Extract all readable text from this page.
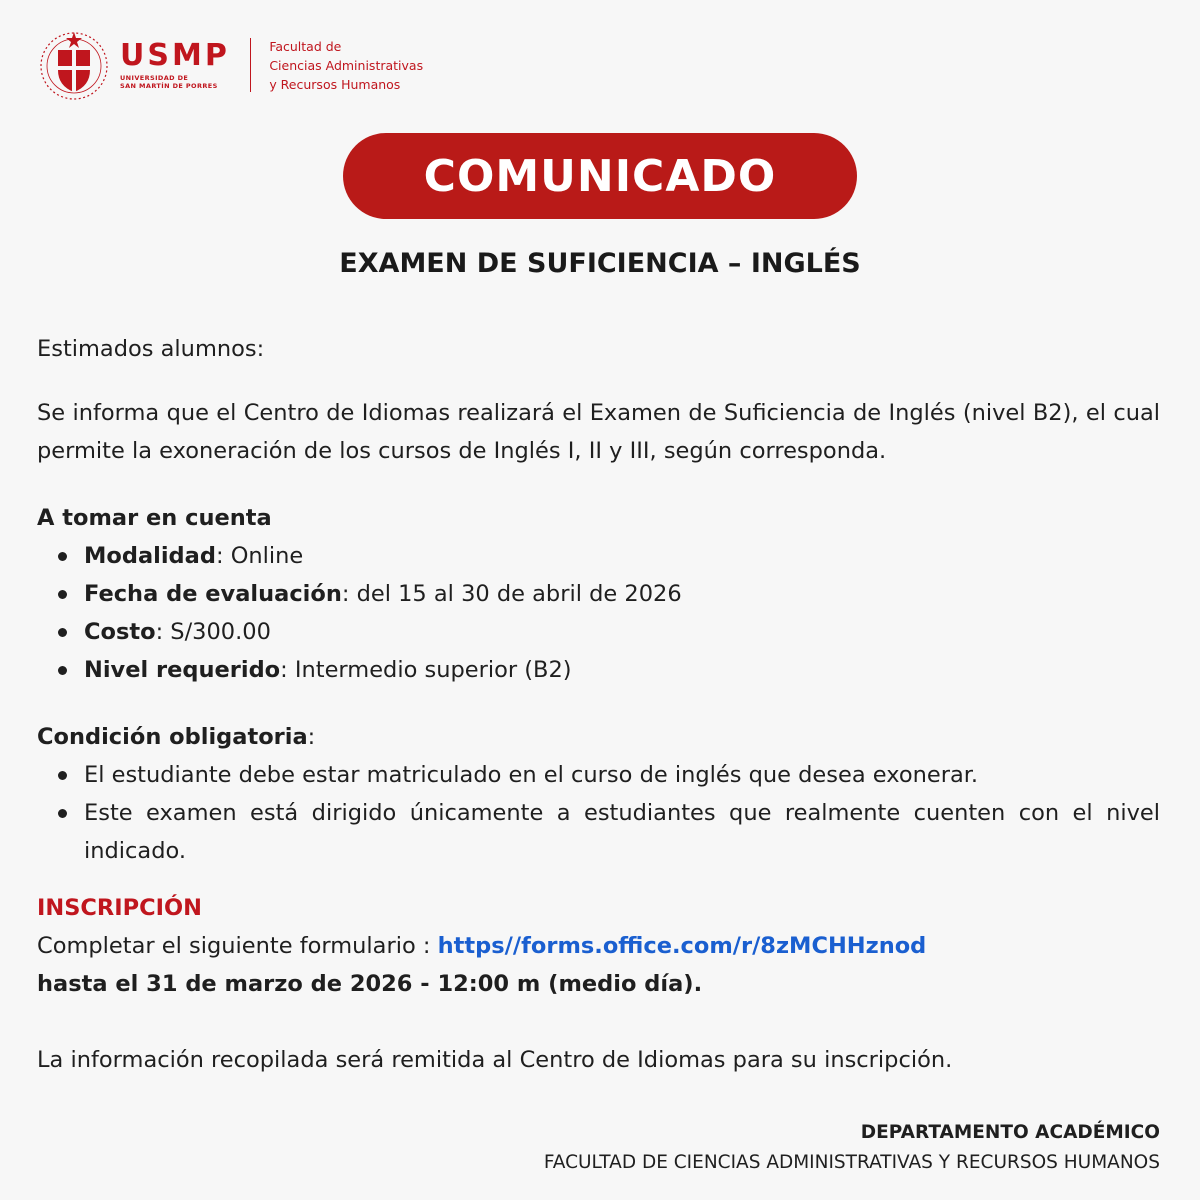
USMP
UNIVERSIDAD DE
SAN MARTÍN DE PORRES
Facultad de
Ciencias Administrativas
y Recursos Humanos
COMUNICADO
EXAMEN DE SUFICIENCIA – INGLÉS
Estimados alumnos:
Se informa que el Centro de Idiomas realizará el Examen de Suficiencia de Inglés (nivel B2), el cual permite la exoneración de los cursos de Inglés I, II y III, según corresponda.
A tomar en cuenta
Modalidad: Online
Fecha de evaluación: del 15 al 30 de abril de 2026
Costo: S/300.00
Nivel requerido: Intermedio superior (B2)
Condición obligatoria:
El estudiante debe estar matriculado en el curso de inglés que desea exonerar.
Este examen está dirigido únicamente a estudiantes que realmente cuenten con el nivel indicado.
INSCRIPCIÓN
Completar el siguiente formulario : https//forms.office.com/r/8zMCHHznod
hasta el 31 de marzo de 2026 - 12:00 m (medio día).
La información recopilada será remitida al Centro de Idiomas para su inscripción.
DEPARTAMENTO ACADÉMICO
FACULTAD DE CIENCIAS ADMINISTRATIVAS Y RECURSOS HUMANOS
